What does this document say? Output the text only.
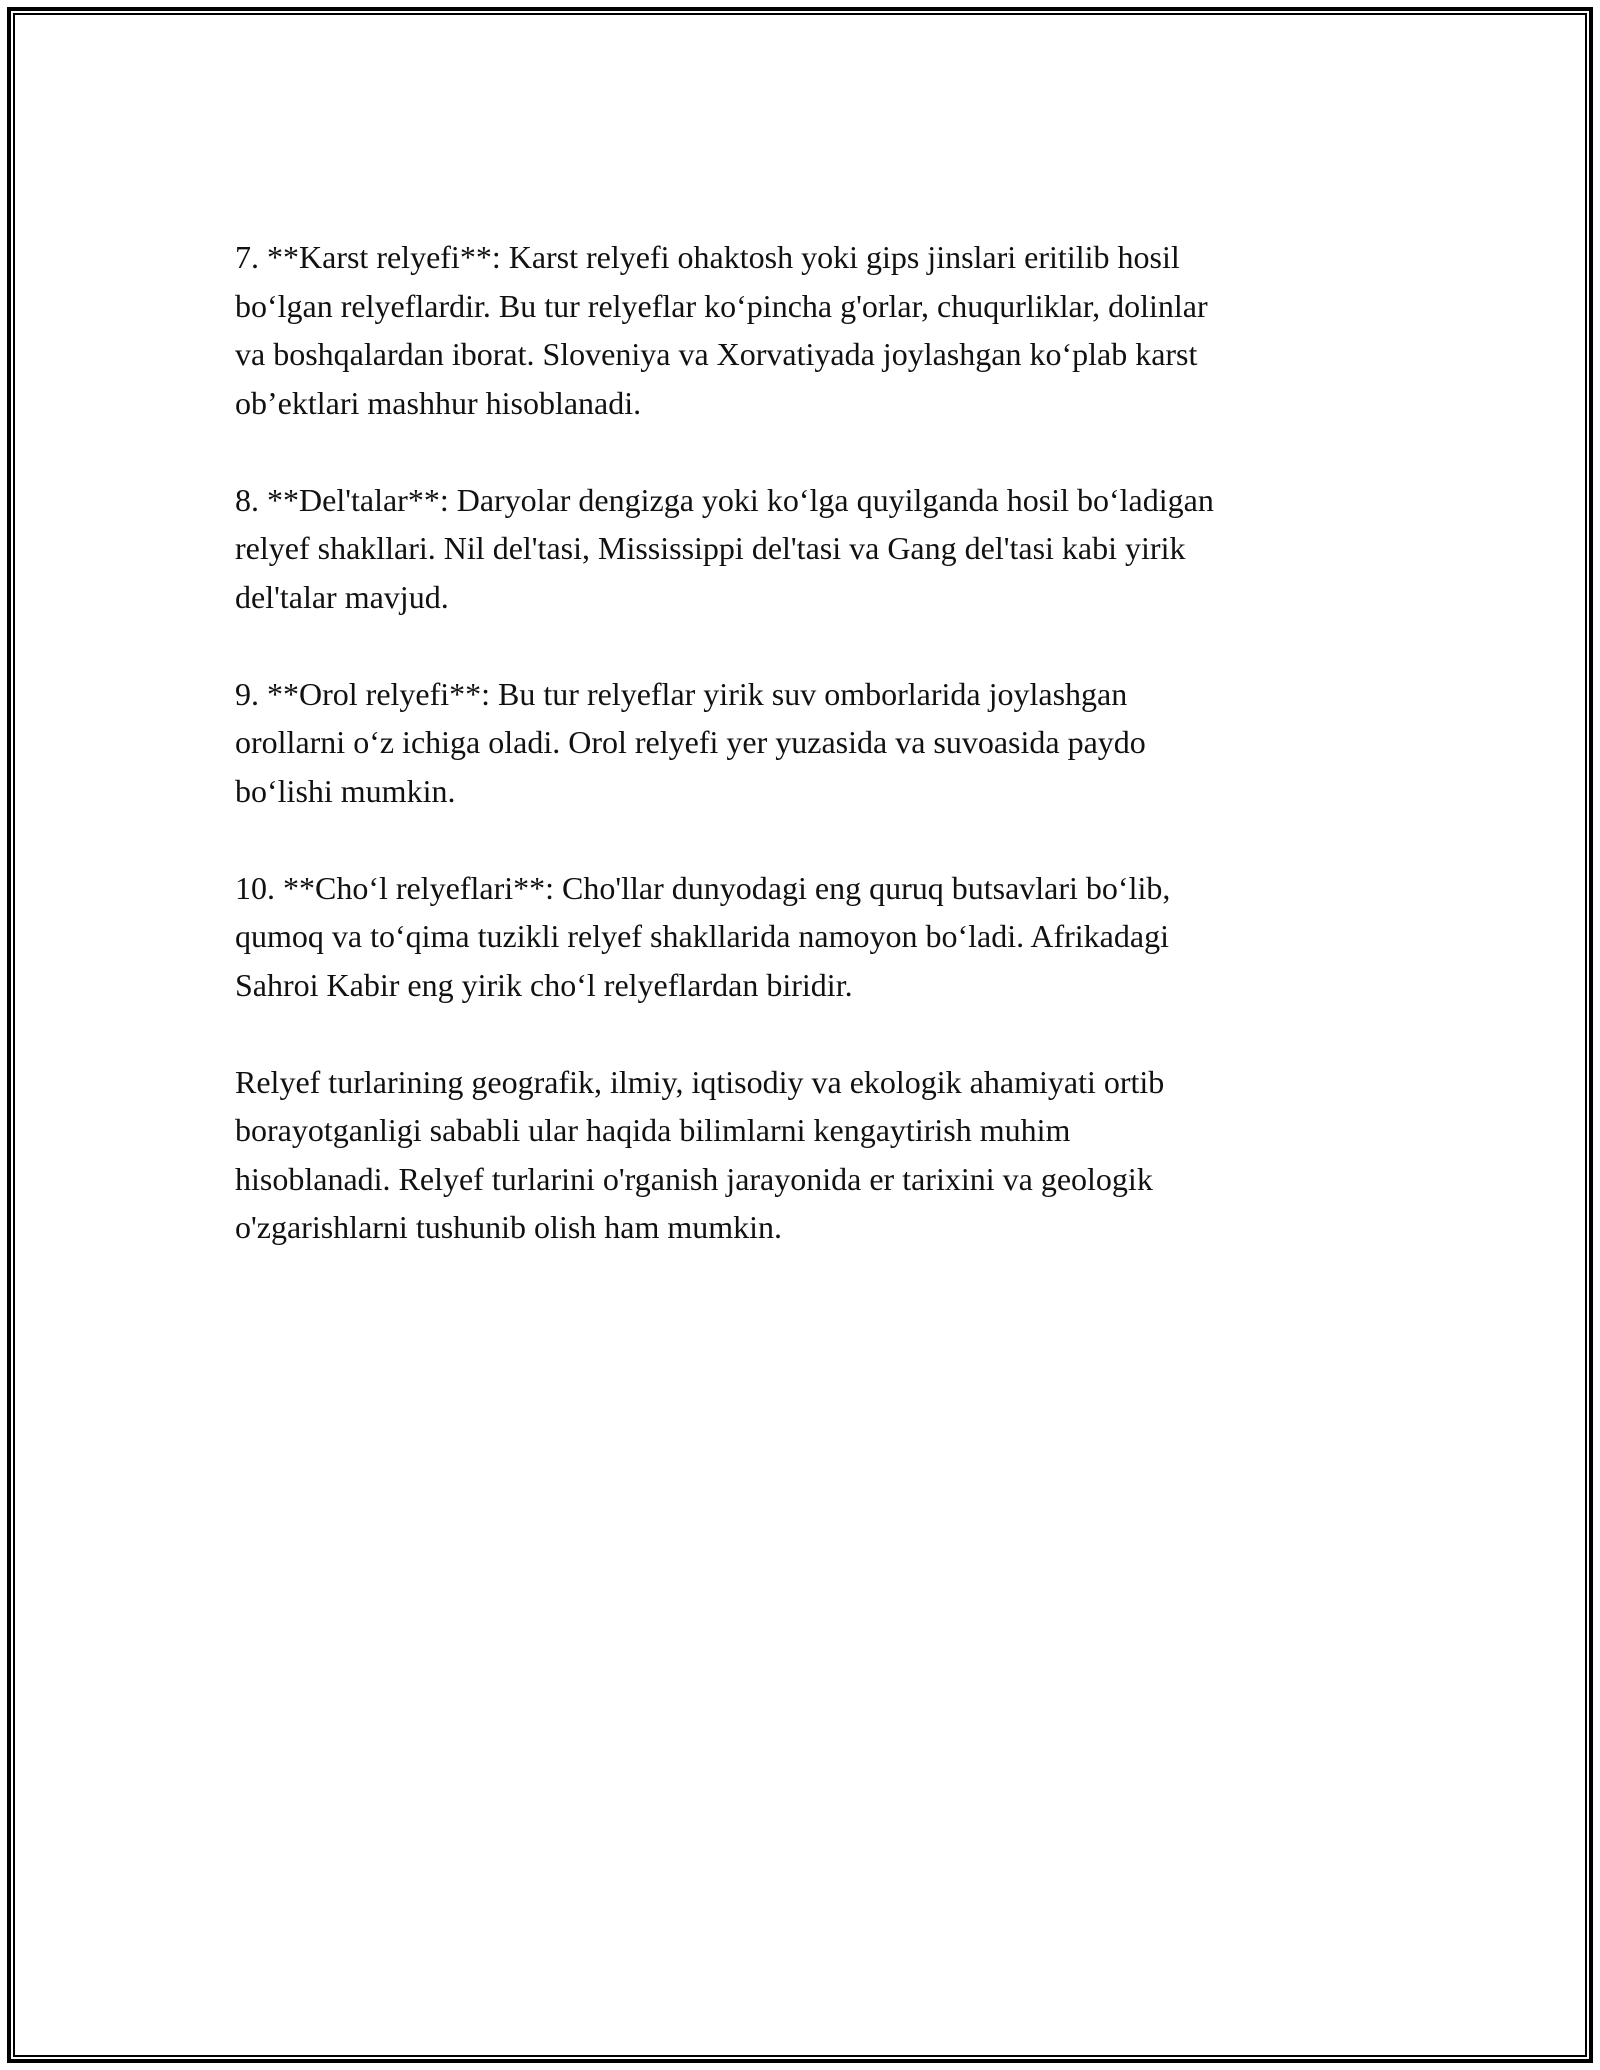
7. **Karst relyefi**: Karst relyefi ohaktosh yoki gips jinslari eritilib hosil
bo‘lgan relyeflardir. Bu tur relyeflar ko‘pincha g'orlar, chuqurliklar, dolinlar
va boshqalardan iborat. Sloveniya va Xorvatiyada joylashgan ko‘plab karst
ob’ektlari mashhur hisoblanadi.

8. **Del'talar**: Daryolar dengizga yoki ko‘lga quyilganda hosil bo‘ladigan
relyef shakllari. Nil del'tasi, Mississippi del'tasi va Gang del'tasi kabi yirik
del'talar mavjud.

9. **Orol relyefi**: Bu tur relyeflar yirik suv omborlarida joylashgan
orollarni o‘z ichiga oladi. Orol relyefi yer yuzasida va suvoasida paydo
bo‘lishi mumkin.

10. **Cho‘l relyeflari**: Cho'llar dunyodagi eng quruq butsavlari bo‘lib,
qumoq va to‘qima tuzikli relyef shakllarida namoyon bo‘ladi. Afrikadagi
Sahroi Kabir eng yirik cho‘l relyeflardan biridir.

Relyef turlarining geografik, ilmiy, iqtisodiy va ekologik ahamiyati ortib
borayotganligi sababli ular haqida bilimlarni kengaytirish muhim
hisoblanadi. Relyef turlarini o'rganish jarayonida er tarixini va geologik
o'zgarishlarni tushunib olish ham mumkin.
